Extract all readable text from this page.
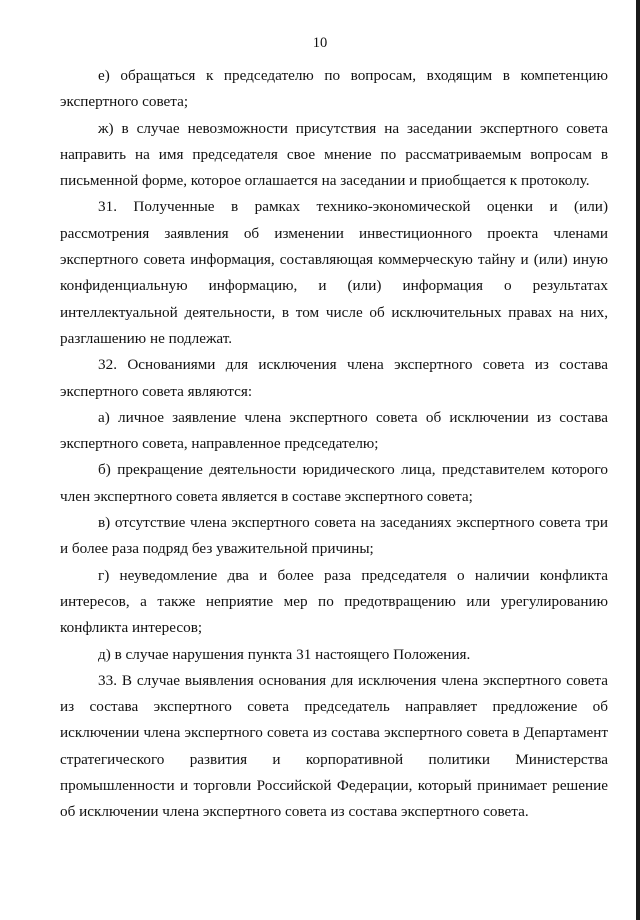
10

е) обращаться к председателю по вопросам, входящим в компетенцию экспертного совета;

ж) в случае невозможности присутствия на заседании экспертного совета направить на имя председателя свое мнение по рассматриваемым вопросам в письменной форме, которое оглашается на заседании и приобщается к протоколу.

31. Полученные в рамках технико-экономической оценки и (или) рассмотрения заявления об изменении инвестиционного проекта членами экспертного совета информация, составляющая коммерческую тайну и (или) иную конфиденциальную информацию, и (или) информация о результатах интеллектуальной деятельности, в том числе об исключительных правах на них, разглашению не подлежат.

32. Основаниями для исключения члена экспертного совета из состава экспертного совета являются:

а) личное заявление члена экспертного совета об исключении из состава экспертного совета, направленное председателю;

б) прекращение деятельности юридического лица, представителем которого член экспертного совета является в составе экспертного совета;

в) отсутствие члена экспертного совета на заседаниях экспертного совета три и более раза подряд без уважительной причины;

г) неуведомление два и более раза председателя о наличии конфликта интересов, а также неприятие мер по предотвращению или урегулированию конфликта интересов;

д) в случае нарушения пункта 31 настоящего Положения.

33. В случае выявления основания для исключения члена экспертного совета из состава экспертного совета председатель направляет предложение об исключении члена экспертного совета из состава экспертного совета в Департамент стратегического развития и корпоративной политики Министерства промышленности и торговли Российской Федерации, который принимает решение об исключении члена экспертного совета из состава экспертного совета.
